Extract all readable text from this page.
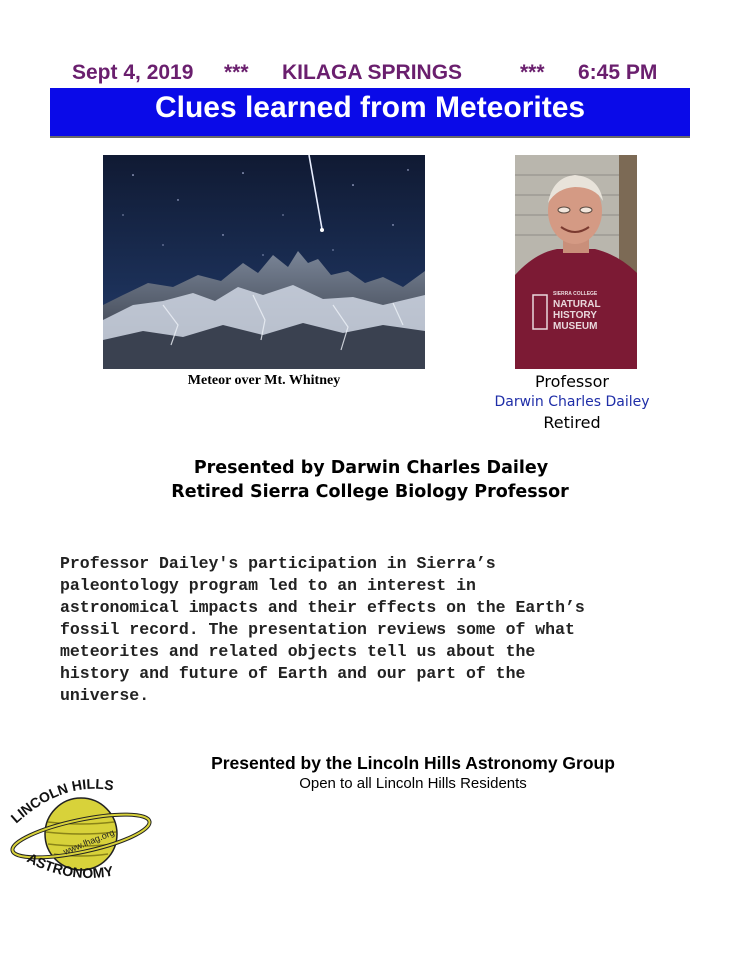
Sept 4, 2019

***

KILAGA SPRINGS

	***

6:45 PM

Clues learned from Meteorites
Meteor over Mt. Whitney
SIERRA COLLEGE
NATURAL
HISTORY
MUSEUM
Professor
Darwin Charles Dailey
Retired
Presented by Darwin Charles Dailey
Retired Sierra College Biology Professor
Professor Dailey's participation in Sierra’s
paleontology program led to an interest in
astronomical impacts and their effects on the Earth’s
fossil record. The presentation reviews some of what
meteorites and related objects tell us about the
history and future of Earth and our part of the
universe.
Presented by the Lincoln Hills Astronomy Group
Open to all Lincoln Hills Residents
LINCOLN HILLS
ASTRONOMY
www.lhag.org
